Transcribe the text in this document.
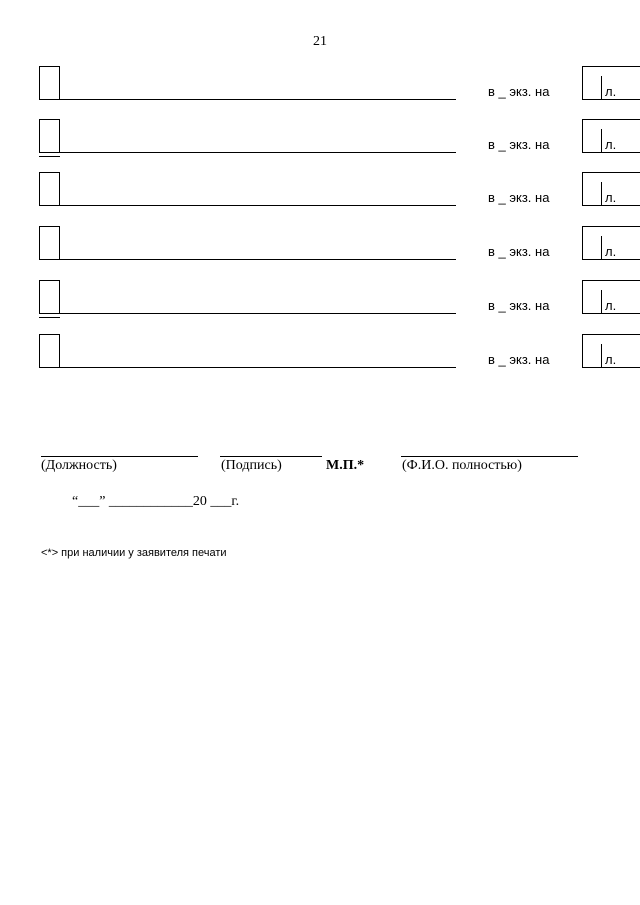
21
в _ экз. на	л.
в _ экз. на	л.
в _ экз. на	л.
в _ экз. на	л.
в _ экз. на	л.
в _ экз. на	л.
(Должность)	(Подпись)	М.П.*	(Ф.И.О. полностью)
“___” ____________20 ___г.
<*> при наличии у заявителя печати
